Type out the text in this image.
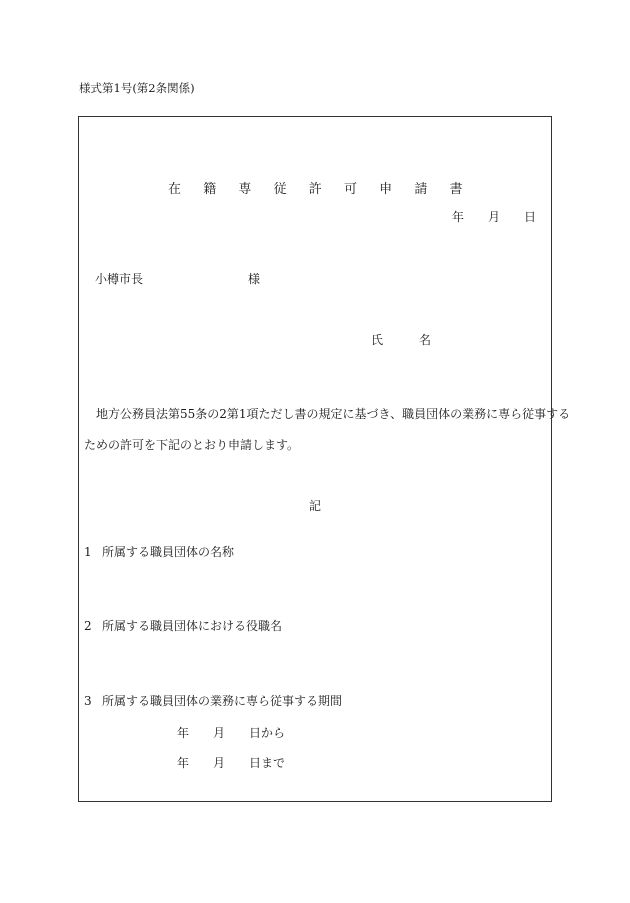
様式第1号(第2条関係)
在	籍	専	従	許	可	申	請	書
年 月 日
小樽市長	様
氏　名
　地方公務員法第55条の2第1項ただし書の規定に基づき、職員団体の業務に専ら従事する
ための許可を下記のとおり申請します。
記
1 所属する職員団体の名称
2 所属する職員団体における役職名
3 所属する職員団体の業務に専ら従事する期間
年 月 日から
年 月 日まで
